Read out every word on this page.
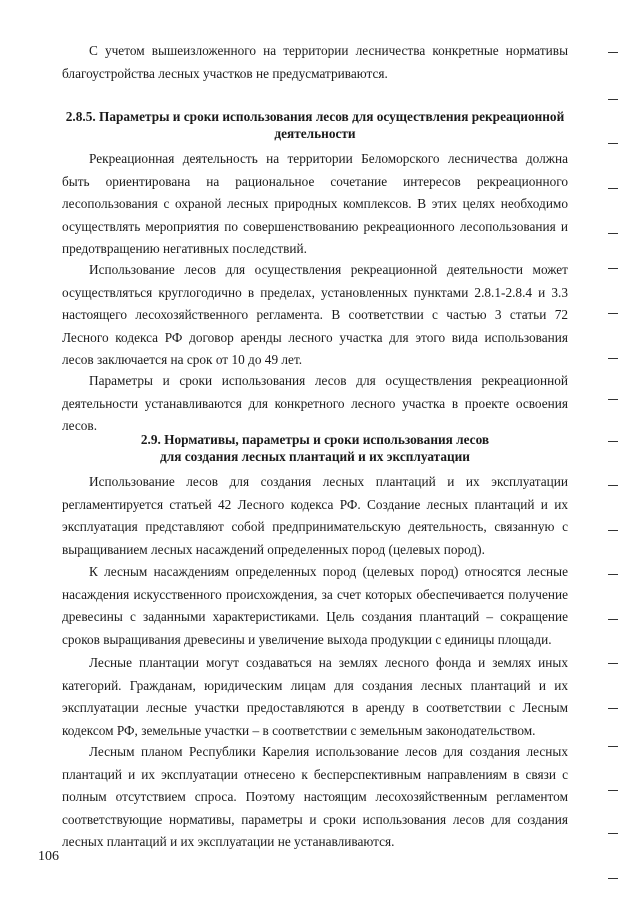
С учетом вышеизложенного на территории лесничества конкретные нормативы благоустройства лесных участков не предусматриваются.

2.8.5. Параметры и сроки использования лесов для осуществления рекреационной деятельности

Рекреационная деятельность на территории Беломорского лесничества должна быть ориентирована на рациональное сочетание интересов рекреационного лесопользования с охраной лесных природных комплексов. В этих целях необходимо осуществлять мероприятия по совершенствованию рекреационного лесопользования и предотвращению негативных последствий.

Использование лесов для осуществления рекреационной деятельности может осуществляться круглогодично в пределах, установленных пунктами 2.8.1-2.8.4 и 3.3 настоящего лесохозяйственного регламента. В соответствии с частью 3 статьи 72 Лесного кодекса РФ договор аренды лесного участка для этого вида использования лесов заключается на срок от 10 до 49 лет.

Параметры и сроки использования лесов для осуществления рекреационной деятельности устанавливаются для конкретного лесного участка в проекте освоения лесов.

2.9. Нормативы, параметры и сроки использования лесов
для создания лесных плантаций и их эксплуатации

Использование лесов для создания лесных плантаций и их эксплуатации регламентируется статьей 42 Лесного кодекса РФ. Создание лесных плантаций и их эксплуатация представляют собой предпринимательскую деятельность, связанную с выращиванием лесных насаждений определенных пород (целевых пород).

К лесным насаждениям определенных пород (целевых пород) относятся лесные насаждения искусственного происхождения, за счет которых обеспечивается получение древесины с заданными характеристиками. Цель создания плантаций – сокращение сроков выращивания древесины и увеличение выхода продукции с единицы площади.

Лесные плантации могут создаваться на землях лесного фонда и землях иных категорий. Гражданам, юридическим лицам для создания лесных плантаций и их эксплуатации лесные участки предоставляются в аренду в соответствии с Лесным кодексом РФ, земельные участки – в соответствии с земельным законодательством.

Лесным планом Республики Карелия использование лесов для создания лесных плантаций и их эксплуатации отнесено к бесперспективным направлениям в связи с полным отсутствием спроса. Поэтому настоящим лесохозяйственным регламентом соответствующие нормативы, параметры и сроки использования лесов для создания лесных плантаций и их эксплуатации не устанавливаются.

106
